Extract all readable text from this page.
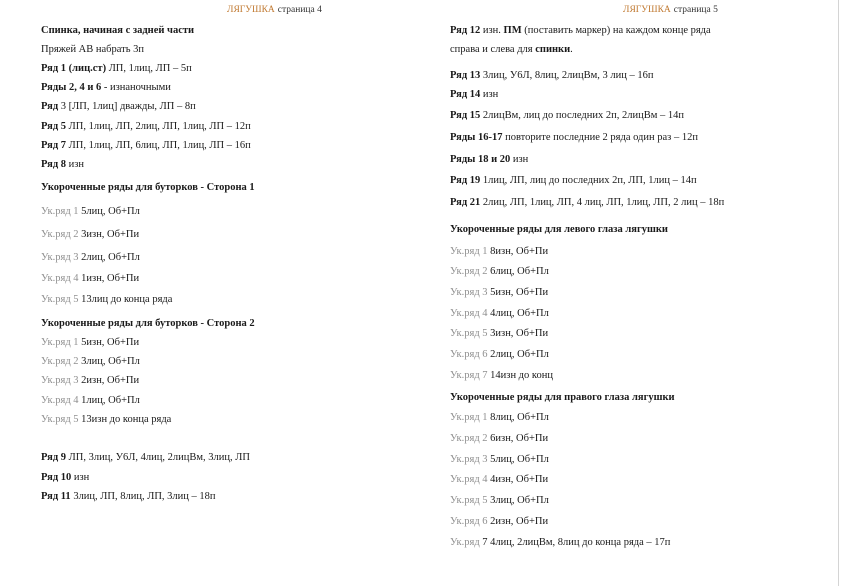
ЛЯГУШКА страница 4
Спинка, начиная с задней части
Пряжей АВ набрать 3п
Ряд 1 (лиц.ст) ЛП, 1лиц, ЛП – 5п
Ряды 2, 4 и 6 - изнаночными
Ряд 3 [ЛП, 1лиц] дважды, ЛП – 8п
Ряд 5 ЛП, 1лиц, ЛП, 2лиц, ЛП, 1лиц, ЛП – 12п
Ряд 7 ЛП, 1лиц, ЛП, 6лиц, ЛП, 1лиц, ЛП – 16п
Ряд 8 изн
Укороченные ряды для буторков - Сторона 1
Ук.ряд 1 5лиц, Об+Пл
Ук.ряд 2 3изн, Об+Пи
Ук.ряд 3 2лиц, Об+Пл
Ук.ряд 4 1изн, Об+Пи
Ук.ряд 5 13лиц до конца ряда
Укороченные ряды для буторков - Сторона 2
Ук.ряд 1 5изн, Об+Пи
Ук.ряд 2 3лиц, Об+Пл
Ук.ряд 3 2изн, Об+Пи
Ук.ряд 4 1лиц, Об+Пл
Ук.ряд 5 13изн до конца ряда
Ряд 9 ЛП, 3лиц, У6Л, 4лиц, 2лицВм, 3лиц, ЛП
Ряд 10 изн
Ряд 11 3лиц, ЛП, 8лиц, ЛП, 3лиц – 18п
ЛЯГУШКА страница 5
Ряд 12 изн. ПМ (поставить маркер) на каждом конце ряда
справа и слева для спинки.
Ряд 13 3лиц, У6Л, 8лиц, 2лицВм, 3 лиц – 16п
Ряд 14 изн
Ряд 15 2лицВм, лиц до последних 2п, 2лицВм – 14п
Ряды 16-17 повторите последние 2 ряда один раз – 12п
Ряды 18 и 20 изн
Ряд 19 1лиц, ЛП, лиц до последних 2п, ЛП, 1лиц – 14п
Ряд 21 2лиц, ЛП, 1лиц, ЛП, 4 лиц, ЛП, 1лиц, ЛП, 2 лиц – 18п
Укороченные ряды для левого глаза лягушки
Ук.ряд 1 8изн, Об+Пи
Ук.ряд 2 6лиц, Об+Пл
Ук.ряд 3 5изн, Об+Пи
Ук.ряд 4 4лиц, Об+Пл
Ук.ряд 5 3изн, Об+Пи
Ук.ряд 6 2лиц, Об+Пл
Ук.ряд 7 14изн до конц
Укороченные ряды для правого глаза лягушки
Ук.ряд 1 8лиц, Об+Пл
Ук.ряд 2 6изн, Об+Пи
Ук.ряд 3 5лиц, Об+Пл
Ук.ряд 4 4изн, Об+Пи
Ук.ряд 5 3лиц, Об+Пл
Ук.ряд 6 2изн, Об+Пи
Ук.ряд 7 4лиц, 2лицВм, 8лиц до конца ряда – 17п
